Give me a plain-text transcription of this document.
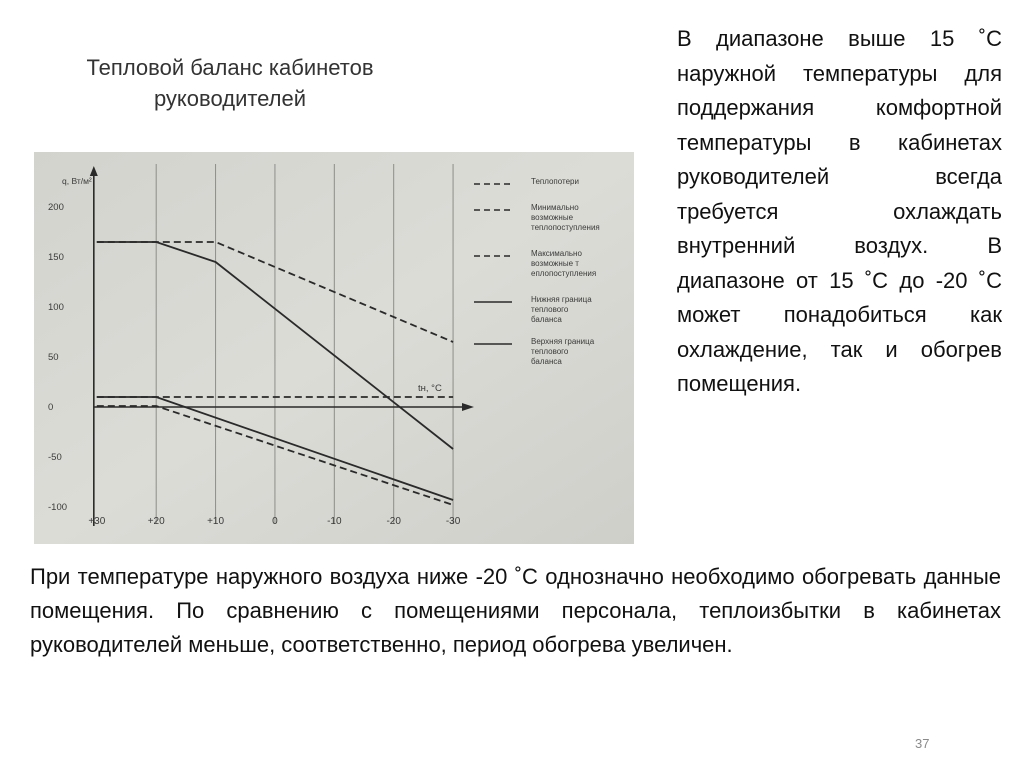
Тепловой баланс кабинетов руководителей
q, Вт/м²
tн, °С
+30	+20	+10	0	-10	-20	-30
200
150
100
50
0
-50
-100
Теплопотери
Минимально возможные теплопоступления
Максимально возможные т еплопоступления
Нижняя граница теплового баланса
Верхняя граница теплового баланса
В диапазоне выше 15 ˚С наружной температуры для поддержания комфортной температуры в кабинетах руководителей всегда требуется охлаждать внутренний воздух. В диапазоне от 15 ˚С до -20 ˚С может понадобиться как охлаждение, так и обогрев помещения.
При температуре наружного воздуха ниже -20 ˚С однозначно необходимо обогревать данные помещения. По сравнению с помещениями персонала, теплоизбытки в кабинетах руководителей меньше, соответственно, период обогрева увеличен.
37
